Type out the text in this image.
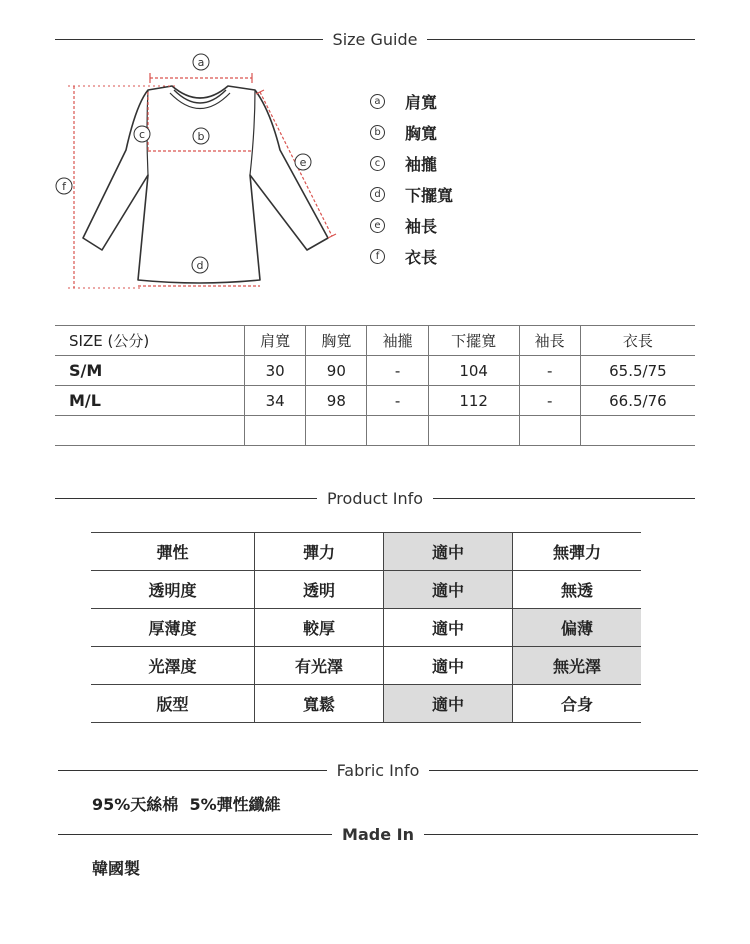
Size Guide
a
b
c
d
e
f
a 肩寬
b 胸寬
c 袖攏
d 下擺寬
e 袖長
f	衣長
SIZE (公分)	肩寬	胸寬	袖攏	下擺寬	袖長	衣長
S/M	30	90	-	104	-	65.5/75
M/L	34	98	-	112	-	66.5/76

Product Info
彈性	彈力	適中	無彈力
透明度	透明	適中	無透
厚薄度	較厚	適中	偏薄
光澤度	有光澤	適中	無光澤
版型	寬鬆	適中	合身
Fabric Info
95%天絲棉  5%彈性纖維
Made In
韓國製
